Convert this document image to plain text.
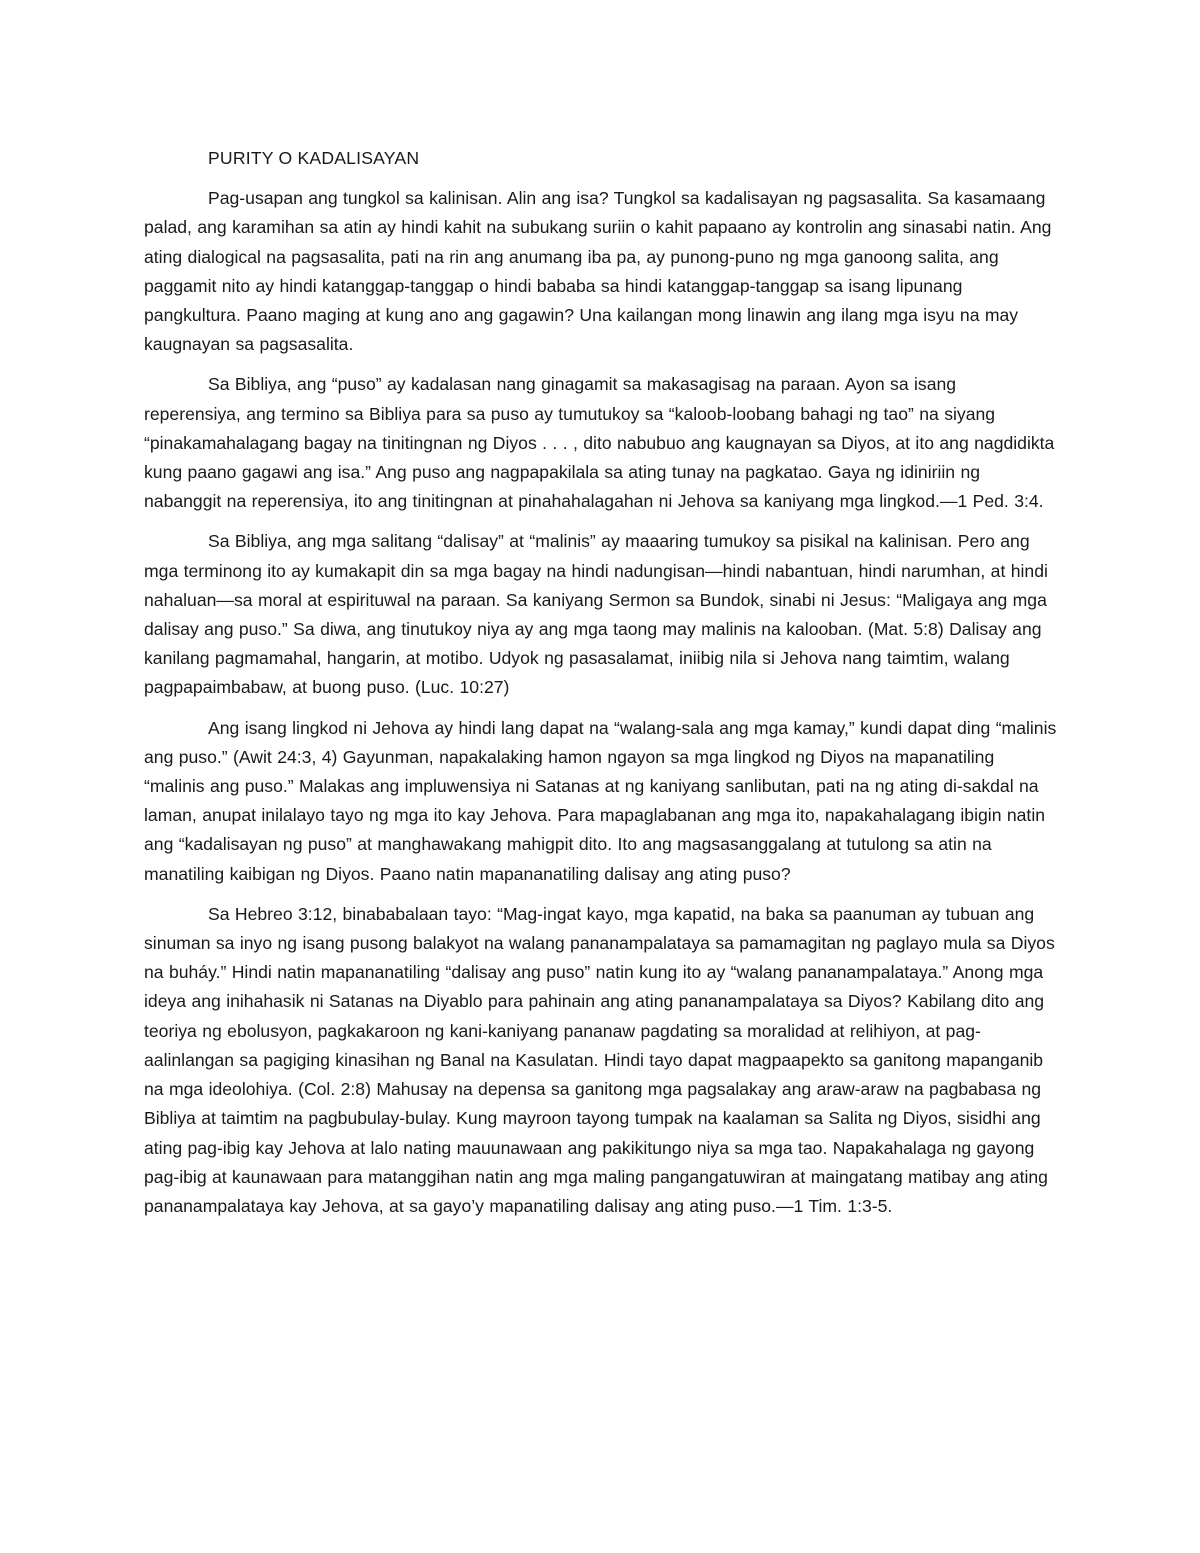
PURITY O KADALISAYAN

Pag-usapan ang tungkol sa kalinisan. Alin ang isa? Tungkol sa kadalisayan ng pagsasalita. Sa kasamaang palad, ang karamihan sa atin ay hindi kahit na subukang suriin o kahit papaano ay kontrolin ang sinasabi natin. Ang ating dialogical na pagsasalita, pati na rin ang anumang iba pa, ay punong-puno ng mga ganoong salita, ang paggamit nito ay hindi katanggap-tanggap o hindi bababa sa hindi katanggap-tanggap sa isang lipunang pangkultura. Paano maging at kung ano ang gagawin? Una kailangan mong linawin ang ilang mga isyu na may kaugnayan sa pagsasalita.

Sa Bibliya, ang “puso” ay kadalasan nang ginagamit sa makasagisag na paraan. Ayon sa isang reperensiya, ang termino sa Bibliya para sa puso ay tumutukoy sa “kaloob-loobang bahagi ng tao” na siyang “pinakamahalagang bagay na tinitingnan ng Diyos . . . , dito nabubuo ang kaugnayan sa Diyos, at ito ang nagdidikta kung paano gagawi ang isa.” Ang puso ang nagpapakilala sa ating tunay na pagkatao. Gaya ng idiniriin ng nabanggit na reperensiya, ito ang tinitingnan at pinahahalagahan ni Jehova sa kaniyang mga lingkod.—1 Ped. 3:4.

Sa Bibliya, ang mga salitang “dalisay” at “malinis” ay maaaring tumukoy sa pisikal na kalinisan. Pero ang mga terminong ito ay kumakapit din sa mga bagay na hindi nadungisan—hindi nabantuan, hindi narumhan, at hindi nahaluan—sa moral at espirituwal na paraan. Sa kaniyang Sermon sa Bundok, sinabi ni Jesus: “Maligaya ang mga dalisay ang puso.” Sa diwa, ang tinutukoy niya ay ang mga taong may malinis na kalooban. (Mat. 5:8) Dalisay ang kanilang pagmamahal, hangarin, at motibo. Udyok ng pasasalamat, iniibig nila si Jehova nang taimtim, walang pagpapaimbabaw, at buong puso. (Luc. 10:27)

Ang isang lingkod ni Jehova ay hindi lang dapat na “walang-sala ang mga kamay,” kundi dapat ding “malinis ang puso.” (Awit 24:3, 4) Gayunman, napakalaking hamon ngayon sa mga lingkod ng Diyos na mapanatiling “malinis ang puso.” Malakas ang impluwensiya ni Satanas at ng kaniyang sanlibutan, pati na ng ating di-sakdal na laman, anupat inilalayo tayo ng mga ito kay Jehova. Para mapaglabanan ang mga ito, napakahalagang ibigin natin ang “kadalisayan ng puso” at manghawakang mahigpit dito. Ito ang magsasanggalang at tutulong sa atin na manatiling kaibigan ng Diyos. Paano natin mapananatiling dalisay ang ating puso?

Sa Hebreo 3:12, binababalaan tayo: “Mag-ingat kayo, mga kapatid, na baka sa paanuman ay tubuan ang sinuman sa inyo ng isang pusong balakyot na walang pananampalataya sa pamamagitan ng paglayo mula sa Diyos na buháy.” Hindi natin mapananatiling “dalisay ang puso” natin kung ito ay “walang pananampalataya.” Anong mga ideya ang inihahasik ni Satanas na Diyablo para pahinain ang ating pananampalataya sa Diyos? Kabilang dito ang teoriya ng ebolusyon, pagkakaroon ng kani-kaniyang pananaw pagdating sa moralidad at relihiyon, at pag-aalinlangan sa pagiging kinasihan ng Banal na Kasulatan. Hindi tayo dapat magpaapekto sa ganitong mapanganib na mga ideolohiya. (Col. 2:8) Mahusay na depensa sa ganitong mga pagsalakay ang araw-araw na pagbabasa ng Bibliya at taimtim na pagbubulay-bulay. Kung mayroon tayong tumpak na kaalaman sa Salita ng Diyos, sisidhi ang ating pag-ibig kay Jehova at lalo nating mauunawaan ang pakikitungo niya sa mga tao. Napakahalaga ng gayong pag-ibig at kaunawaan para matanggihan natin ang mga maling pangangatuwiran at maingatang matibay ang ating pananampalataya kay Jehova, at sa gayo’y mapanatiling dalisay ang ating puso.—1 Tim. 1:3-5.
